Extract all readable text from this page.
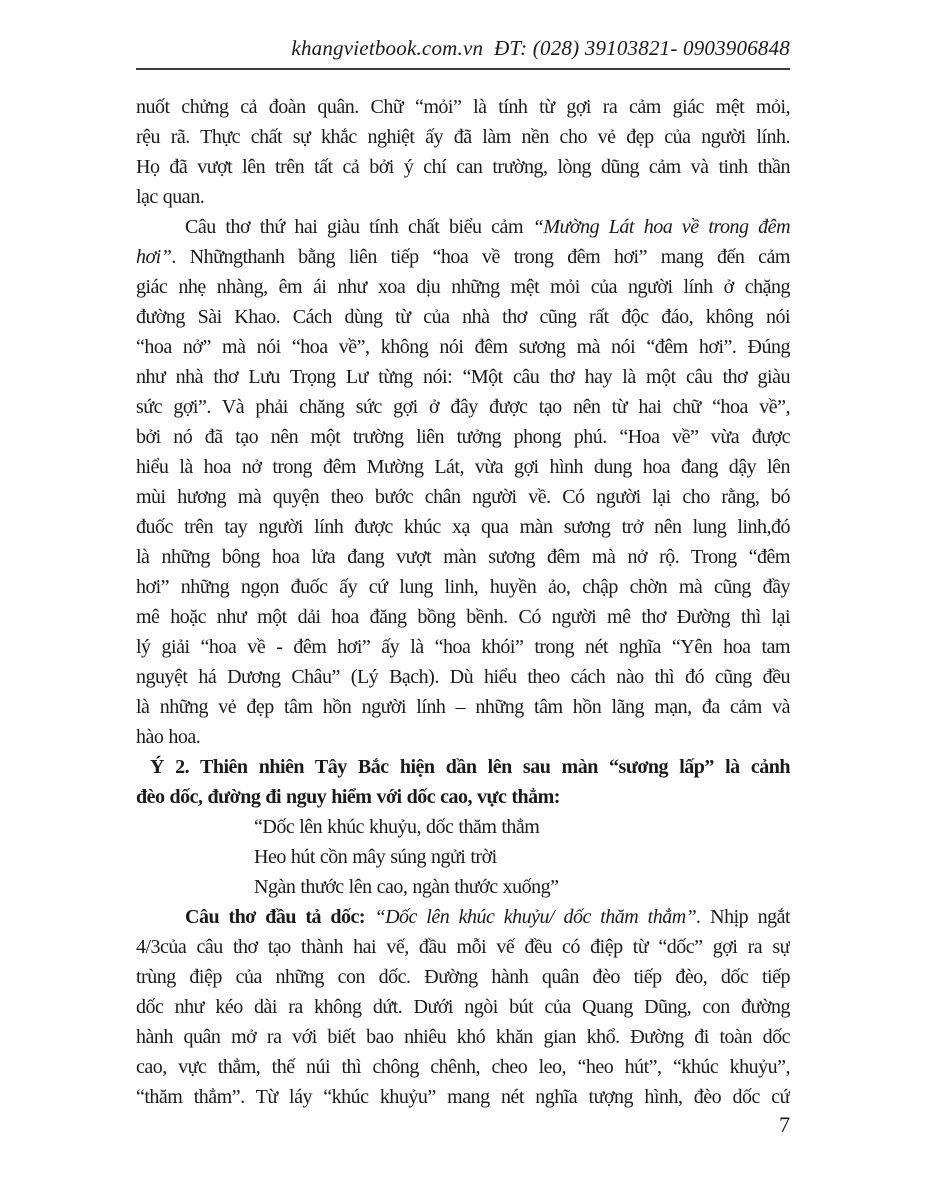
khangvietbook.com.vn  ĐT: (028) 39103821- 0903906848
nuốt chửng cả đoàn quân. Chữ “mỏi” là tính từ gợi ra cảm giác mệt mỏi,
rệu rã. Thực chất sự khắc nghiệt ấy đã làm nền cho vẻ đẹp của người lính.
Họ đã vượt lên trên tất cả bởi ý chí can trường, lòng dũng cảm và tinh thần
lạc quan.
Câu thơ thứ hai giàu tính chất biểu cảm “Mường Lát hoa về trong đêm
hơi”. Nhữngthanh bằng liên tiếp “hoa về trong đêm hơi” mang đến cảm
giác nhẹ nhàng, êm ái như xoa dịu những mệt mỏi của người lính ở chặng
đường Sài Khao. Cách dùng từ của nhà thơ cũng rất độc đáo, không nói
“hoa nở” mà nói “hoa về”, không nói đêm sương mà nói “đêm hơi”. Đúng
như nhà thơ Lưu Trọng Lư từng nói: “Một câu thơ hay là một câu thơ giàu
sức gợi”. Và phải chăng sức gợi ở đây được tạo nên từ hai chữ “hoa về”,
bởi nó đã tạo nên một trường liên tưởng phong phú. “Hoa về” vừa được
hiểu là hoa nở trong đêm Mường Lát, vừa gợi hình dung hoa đang dậy lên
mùi hương mà quyện theo bước chân người về. Có người lại cho rằng, bó
đuốc trên tay người lính được khúc xạ qua màn sương trở nên lung linh,đó
là những bông hoa lửa đang vượt màn sương đêm mà nở rộ. Trong “đêm
hơi” những ngọn đuốc ấy cứ lung linh, huyền ảo, chập chờn mà cũng đầy
mê hoặc như một dải hoa đăng bồng bềnh. Có người mê thơ Đường thì lại
lý giải “hoa về - đêm hơi” ấy là “hoa khói” trong nét nghĩa “Yên hoa tam
nguyệt há Dương Châu” (Lý Bạch). Dù hiểu theo cách nào thì đó cũng đều
là những vẻ đẹp tâm hồn người lính – những tâm hồn lãng mạn, đa cảm và
hào hoa.
Ý 2. Thiên nhiên Tây Bắc hiện dần lên sau màn “sương lấp” là cảnh
đèo dốc, đường đi nguy hiểm với dốc cao, vực thẳm:
“Dốc lên khúc khuỷu, dốc thăm thẳm
Heo hút cồn mây súng ngửi trời
Ngàn thước lên cao, ngàn thước xuống”
Câu thơ đầu tả dốc: “Dốc lên khúc khuỷu/ dốc thăm thẳm”. Nhịp ngắt
4/3của câu thơ tạo thành hai vế, đầu mỗi vế đều có điệp từ “dốc” gợi ra sự
trùng điệp của những con dốc. Đường hành quân đèo tiếp đèo, dốc tiếp
dốc như kéo dài ra không dứt. Dưới ngòi bút của Quang Dũng, con đường
hành quân mở ra với biết bao nhiêu khó khăn gian khổ. Đường đi toàn dốc
cao, vực thẳm, thế núi thì chông chênh, cheo leo, “heo hút”, “khúc khuỷu”,
“thăm thẳm”. Từ láy “khúc khuỷu” mang nét nghĩa tượng hình, đèo dốc cứ
7
